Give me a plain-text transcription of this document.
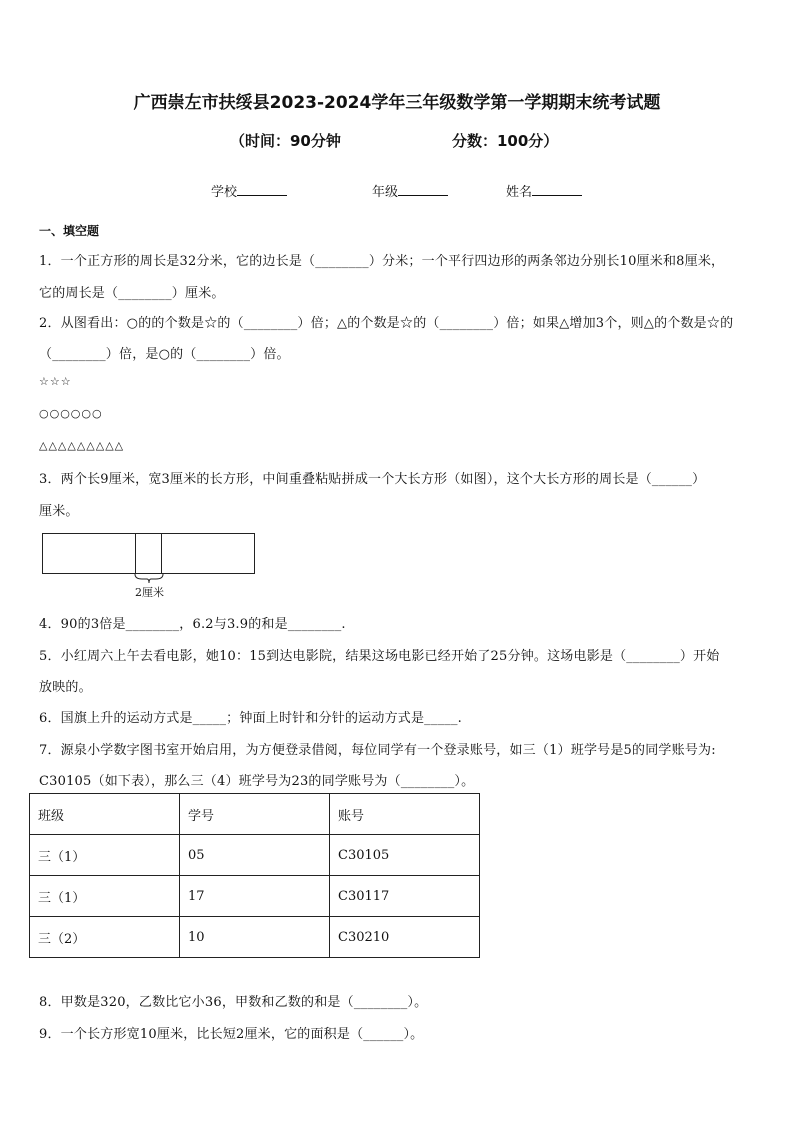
广西崇左市扶绥县2023-2024学年三年级数学第一学期期末统考试题
（时间：90分钟	分数：100分）
学校	年级	姓名
一、填空题
1．一个正方形的周长是32分米，它的边长是（________）分米；一个平行四边形的两条邻边分别长10厘米和8厘米，
它的周长是（________）厘米。
2．从图看出：○的的个数是☆的（________）倍；△的个数是☆的（________）倍；如果△增加3个，则△的个数是☆的
（________）倍，是○的（________）倍。
☆☆☆
○○○○○○
△△△△△△△△△
3．两个长9厘米，宽3厘米的长方形，中间重叠粘贴拼成一个大长方形（如图），这个大长方形的周长是（______）
厘米。
2厘米
4．90的3倍是________，6.2与3.9的和是________.
5．小红周六上午去看电影，她10：15到达电影院，结果这场电影已经开始了25分钟。这场电影是（________）开始
放映的。
6．国旗上升的运动方式是_____；钟面上时针和分针的运动方式是_____.
7．源泉小学数字图书室开始启用，为方便登录借阅，每位同学有一个登录账号，如三（1）班学号是5的同学账号为:
C30105（如下表），那么三（4）班学号为23的同学账号为（________）。
班级	学号	账号
三（1）	05	C30105
三（1）	17	C30117
三（2）	10	C30210
8．甲数是320，乙数比它小36，甲数和乙数的和是（________）。
9．一个长方形宽10厘米，比长短2厘米，它的面积是（______）。
